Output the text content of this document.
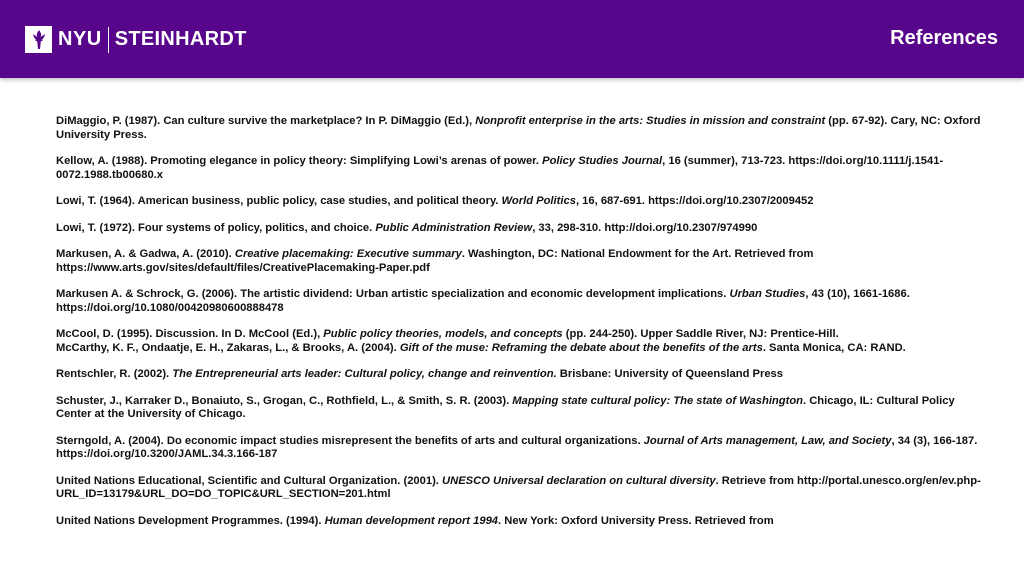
NYU STEINHARDT	References

DiMaggio, P. (1987). Can culture survive the marketplace? In P. DiMaggio (Ed.), Nonprofit enterprise in the arts: Studies in mission and constraint (pp. 67-92). Cary, NC: Oxford University Press.

Kellow, A. (1988). Promoting elegance in policy theory: Simplifying Lowi’s arenas of power. Policy Studies Journal, 16 (summer), 713-723. https://doi.org/10.1111/j.1541-0072.1988.tb00680.x

Lowi, T. (1964). American business, public policy, case studies, and political theory. World Politics, 16, 687-691. https://doi.org/10.2307/2009452

Lowi, T. (1972). Four systems of policy, politics, and choice. Public Administration Review, 33, 298-310. http://doi.org/10.2307/974990

Markusen, A. & Gadwa, A. (2010). Creative placemaking: Executive summary. Washington, DC: National Endowment for the Art. Retrieved from https://www.arts.gov/sites/default/files/CreativePlacemaking-Paper.pdf

Markusen A. & Schrock, G. (2006). The artistic dividend: Urban artistic specialization and economic development implications. Urban Studies, 43 (10), 1661-1686. https://doi.org/10.1080/00420980600888478

McCool, D. (1995). Discussion. In D. McCool (Ed.), Public policy theories, models, and concepts (pp. 244-250). Upper Saddle River, NJ: Prentice-Hill.

McCarthy, K. F., Ondaatje, E. H., Zakaras, L., & Brooks, A. (2004). Gift of the muse: Reframing the debate about the benefits of the arts. Santa Monica, CA: RAND.

Rentschler, R. (2002). The Entrepreneurial arts leader: Cultural policy, change and reinvention. Brisbane: University of Queensland Press

Schuster, J., Karraker D., Bonaiuto, S., Grogan, C., Rothfield, L., & Smith, S. R. (2003). Mapping state cultural policy: The state of Washington. Chicago, IL: Cultural Policy Center at the University of Chicago.

Sterngold, A. (2004). Do economic impact studies misrepresent the benefits of arts and cultural organizations. Journal of Arts management, Law, and Society, 34 (3), 166-187. https://doi.org/10.3200/JAML.34.3.166-187

United Nations Educational, Scientific and Cultural Organization. (2001). UNESCO Universal declaration on cultural diversity. Retrieve from http://portal.unesco.org/en/ev.php-URL_ID=13179&URL_DO=DO_TOPIC&URL_SECTION=201.html

United Nations Development Programmes. (1994). Human development report 1994. New York: Oxford University Press. Retrieved from
